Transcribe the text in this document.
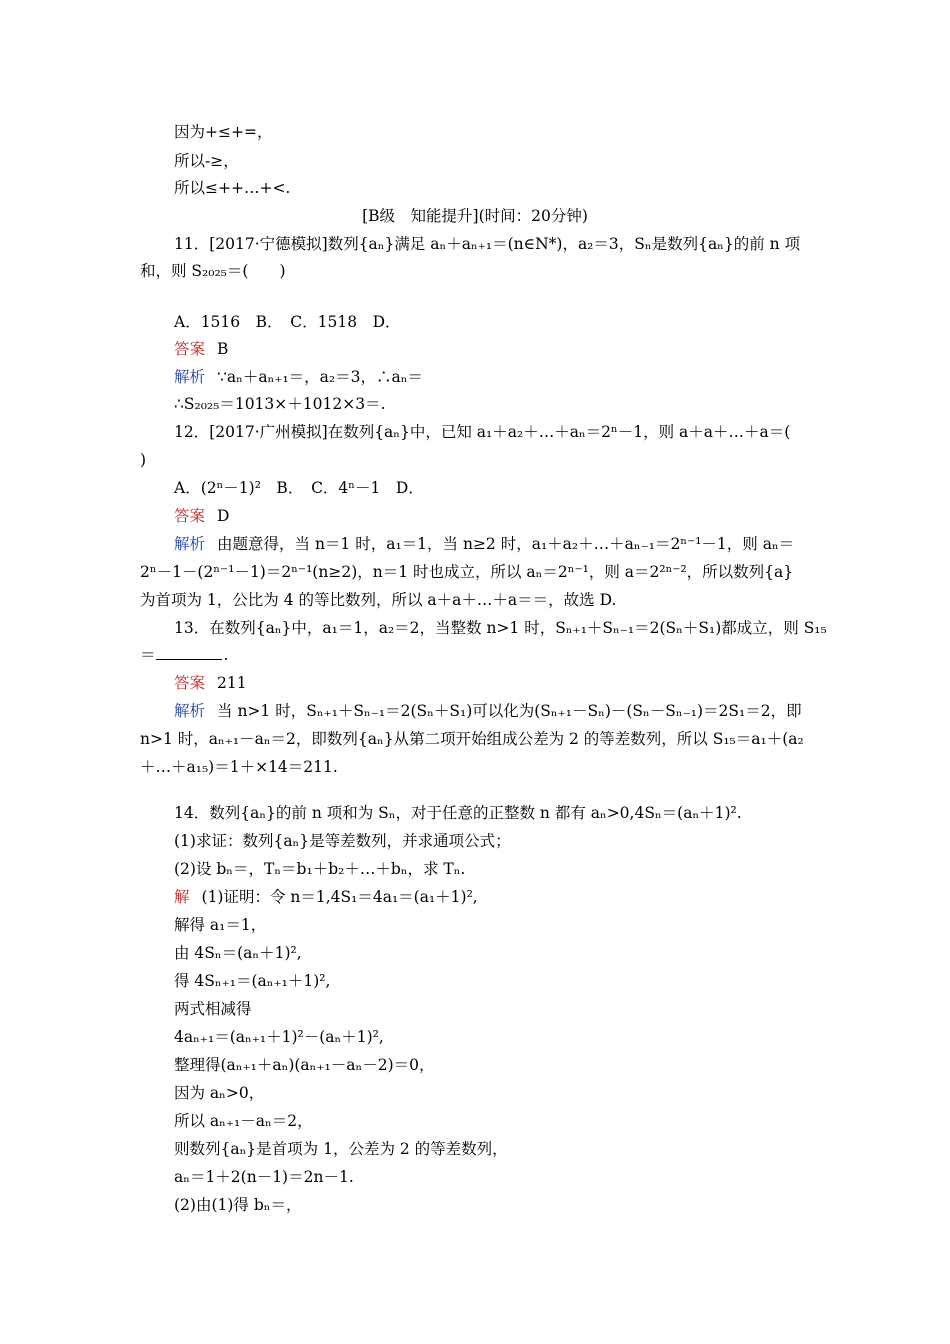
因为+≤+=，
所以-≥，
所以≤++…+<.
[B级　知能提升](时间：20分钟)
11．[2017·宁德模拟]数列{aₙ}满足 aₙ＋aₙ₊₁＝(n∈N*)，a₂＝3，Sₙ是数列{aₙ}的前 n 项
和，则 S₂₀₂₅＝(　　)
A．1516　B．　C．1518　D．
答案 B
解析 ∵aₙ＋aₙ₊₁＝，a₂＝3，∴aₙ＝
∴S₂₀₂₅＝1013×＋1012×3＝.
12．[2017·广州模拟]在数列{aₙ}中，已知 a₁＋a₂＋…＋aₙ＝2ⁿ－1，则 a＋a＋…＋a＝(
)
A．(2ⁿ－1)²　B．　C．4ⁿ－1　D．
答案 D
解析 由题意得，当 n＝1 时，a₁＝1，当 n≥2 时，a₁＋a₂＋…＋aₙ₋₁＝2ⁿ⁻¹－1，则 aₙ＝
2ⁿ－1－(2ⁿ⁻¹－1)＝2ⁿ⁻¹(n≥2)，n＝1 时也成立，所以 aₙ＝2ⁿ⁻¹，则 a＝2²ⁿ⁻²，所以数列{a}
为首项为 1，公比为 4 的等比数列，所以 a＋a＋…＋a＝＝，故选 D.
13．在数列{aₙ}中，a₁＝1，a₂＝2，当整数 n>1 时，Sₙ₊₁＋Sₙ₋₁＝2(Sₙ＋S₁)都成立，则 S₁₅
＝	.
答案 211
解析 当 n>1 时，Sₙ₊₁＋Sₙ₋₁＝2(Sₙ＋S₁)可以化为(Sₙ₊₁－Sₙ)－(Sₙ－Sₙ₋₁)＝2S₁＝2，即
n>1 时，aₙ₊₁－aₙ＝2，即数列{aₙ}从第二项开始组成公差为 2 的等差数列，所以 S₁₅＝a₁＋(a₂
＋…＋a₁₅)＝1＋×14＝211.
14．数列{aₙ}的前 n 项和为 Sₙ，对于任意的正整数 n 都有 aₙ>0,4Sₙ＝(aₙ＋1)².
(1)求证：数列{aₙ}是等差数列，并求通项公式；
(2)设 bₙ＝，Tₙ＝b₁＋b₂＋…＋bₙ，求 Tₙ.
解 (1)证明：令 n＝1,4S₁＝4a₁＝(a₁＋1)²,
解得 a₁＝1，
由 4Sₙ＝(aₙ＋1)²,
得 4Sₙ₊₁＝(aₙ₊₁＋1)²,
两式相减得
4aₙ₊₁＝(aₙ₊₁＋1)²－(aₙ＋1)²,
整理得(aₙ₊₁＋aₙ)(aₙ₊₁－aₙ－2)＝0，
因为 aₙ>0，
所以 aₙ₊₁－aₙ＝2，
则数列{aₙ}是首项为 1，公差为 2 的等差数列，
aₙ＝1＋2(n－1)＝2n－1.
(2)由(1)得 bₙ＝，
